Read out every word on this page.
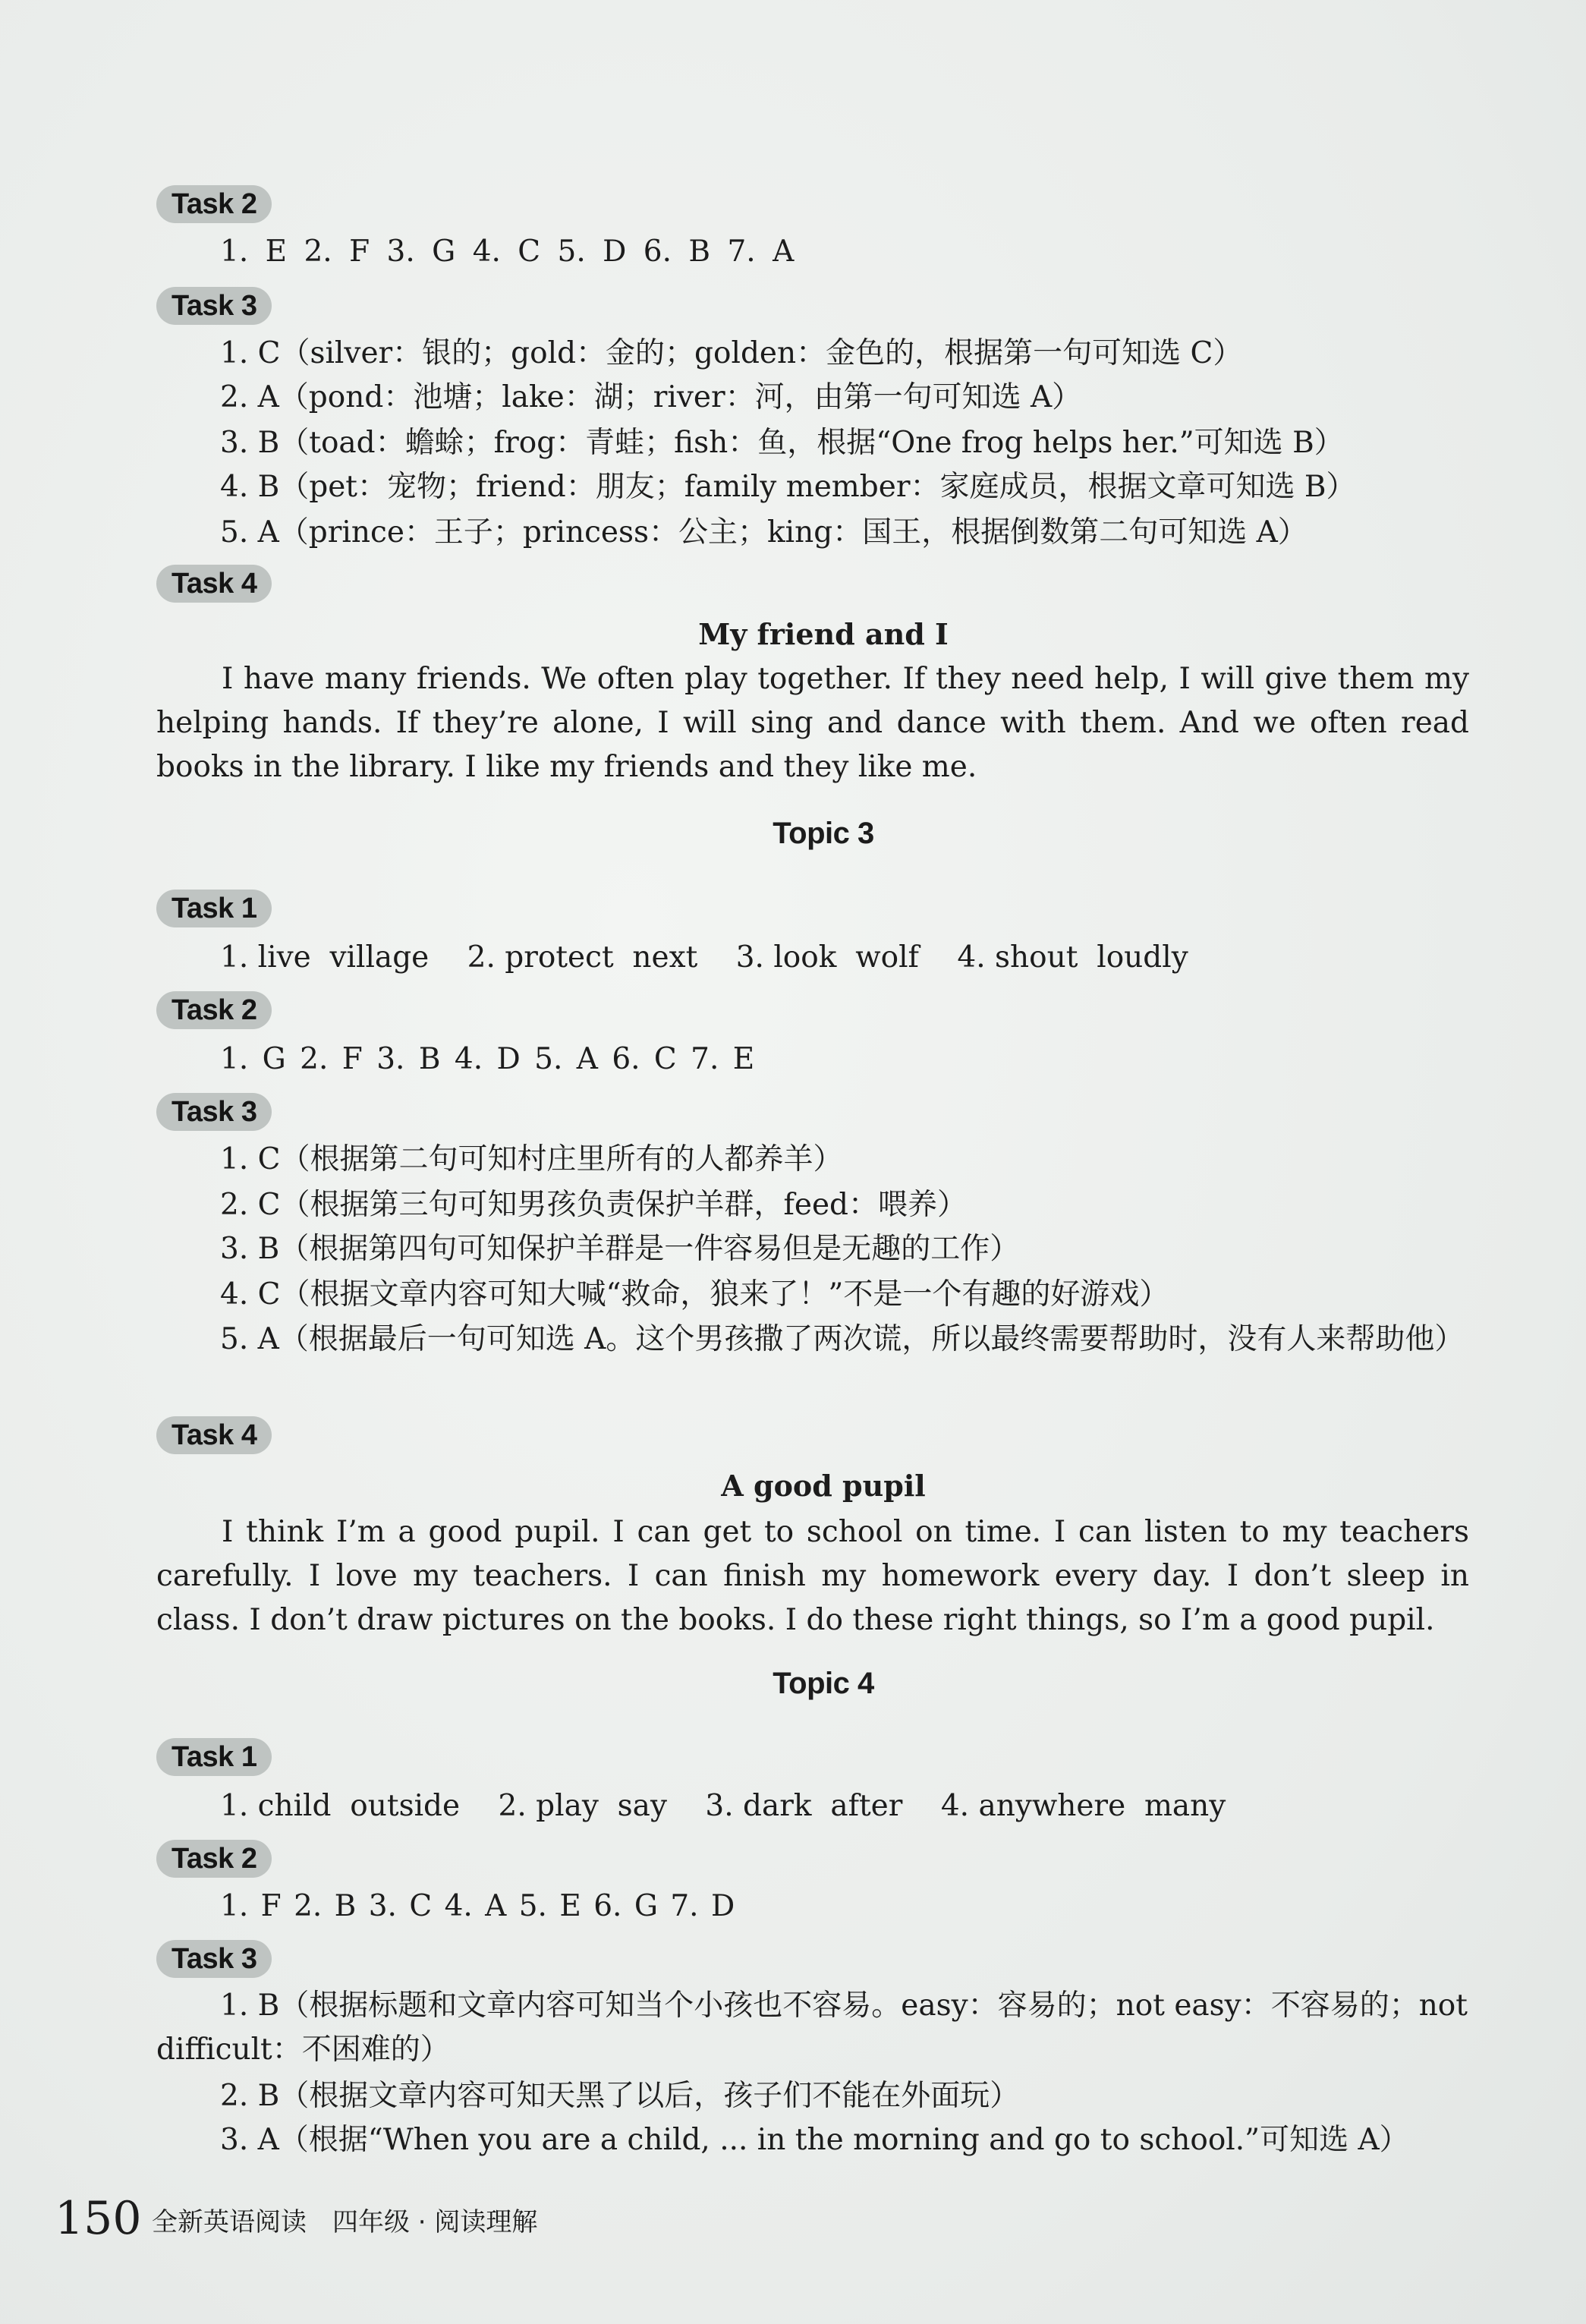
Task 2
1. E 2. F 3. G 4. C 5. D 6. B 7. A
Task 3
1. C（silver：银的；gold：金的；golden：金色的，根据第一句可知选 C）
2. A（pond：池塘；lake：湖；river：河，由第一句可知选 A）
3. B（toad：蟾蜍；frog：青蛙；fish：鱼，根据“One frog helps her.”可知选 B）
4. B（pet：宠物；friend：朋友；family member：家庭成员，根据文章可知选 B）
5. A（prince：王子；princess：公主；king：国王，根据倒数第二句可知选 A）
Task 4
My friend and I
I have many friends. We often play together. If they need help, I will give them my helping hands. If they’re alone, I will sing and dance with them. And we often read books in the library. I like my friends and they like me.
Topic 3
Task 1
1. live village 2. protect next 3. look wolf 4. shout loudly
Task 2
1. G 2. F 3. B 4. D 5. A 6. C 7. E
Task 3
1. C（根据第二句可知村庄里所有的人都养羊）
2. C（根据第三句可知男孩负责保护羊群，feed：喂养）
3. B（根据第四句可知保护羊群是一件容易但是无趣的工作）
4. C（根据文章内容可知大喊“救命，狼来了！”不是一个有趣的好游戏）
5. A（根据最后一句可知选 A。这个男孩撒了两次谎，所以最终需要帮助时，没有人来帮助他）
Task 4
A good pupil
I think I’m a good pupil. I can get to school on time. I can listen to my teachers carefully. I love my teachers. I can finish my homework every day. I don’t sleep in class. I don’t draw pictures on the books. I do these right things, so I’m a good pupil.
Topic 4
Task 1
1. child outside 2. play say 3. dark after 4. anywhere many
Task 2
1. F 2. B 3. C 4. A 5. E 6. G 7. D
Task 3
1. B（根据标题和文章内容可知当个小孩也不容易。easy：容易的；not easy：不容易的；not difficult：不困难的）
2. B（根据文章内容可知天黑了以后，孩子们不能在外面玩）
3. A（根据“When you are a child, ... in the morning and go to school.”可知选 A）
150 全新英语阅读　四年级 · 阅读理解
